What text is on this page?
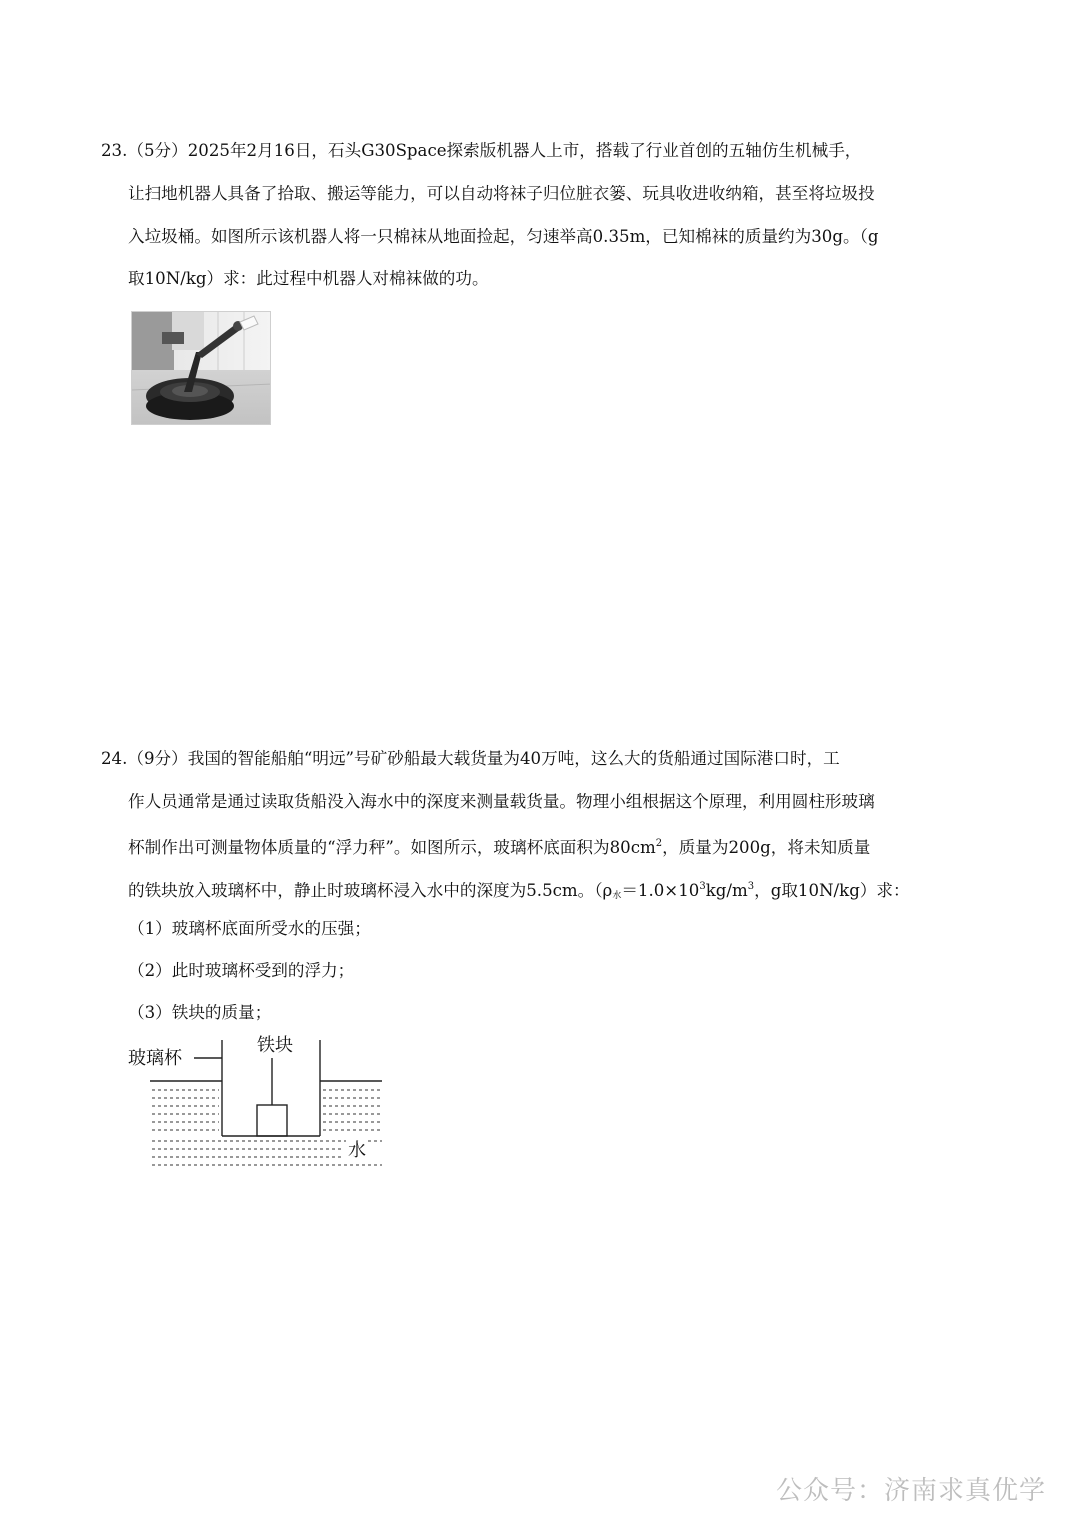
23.（5分）2025年2月16日，石头G30Space探索版机器人上市，搭载了行业首创的五轴仿生机械手，
让扫地机器人具备了拾取、搬运等能力，可以自动将袜子归位脏衣篓、玩具收进收纳箱，甚至将垃圾投
入垃圾桶。如图所示该机器人将一只棉袜从地面捡起，匀速举高0.35m，已知棉袜的质量约为30g。（g
取10N/kg）求：此过程中机器人对棉袜做的功。
24.（9分）我国的智能船舶“明远”号矿砂船最大载货量为40万吨，这么大的货船通过国际港口时，工
作人员通常是通过读取货船没入海水中的深度来测量载货量。物理小组根据这个原理，利用圆柱形玻璃
杯制作出可测量物体质量的“浮力秤”。如图所示，玻璃杯底面积为$80cm^2$，质量为200g，将未知质量
的铁块放入玻璃杯中，静止时玻璃杯浸入水中的深度为5.5cm。（$\rho_水=1.0\times 10^3kg/m^3$，g取10N/kg）求：
（1）玻璃杯底面所受水的压强；
（2）此时玻璃杯受到的浮力；
（3）铁块的质量；
玻璃杯
铁块
水
公众号：济南求真优学
